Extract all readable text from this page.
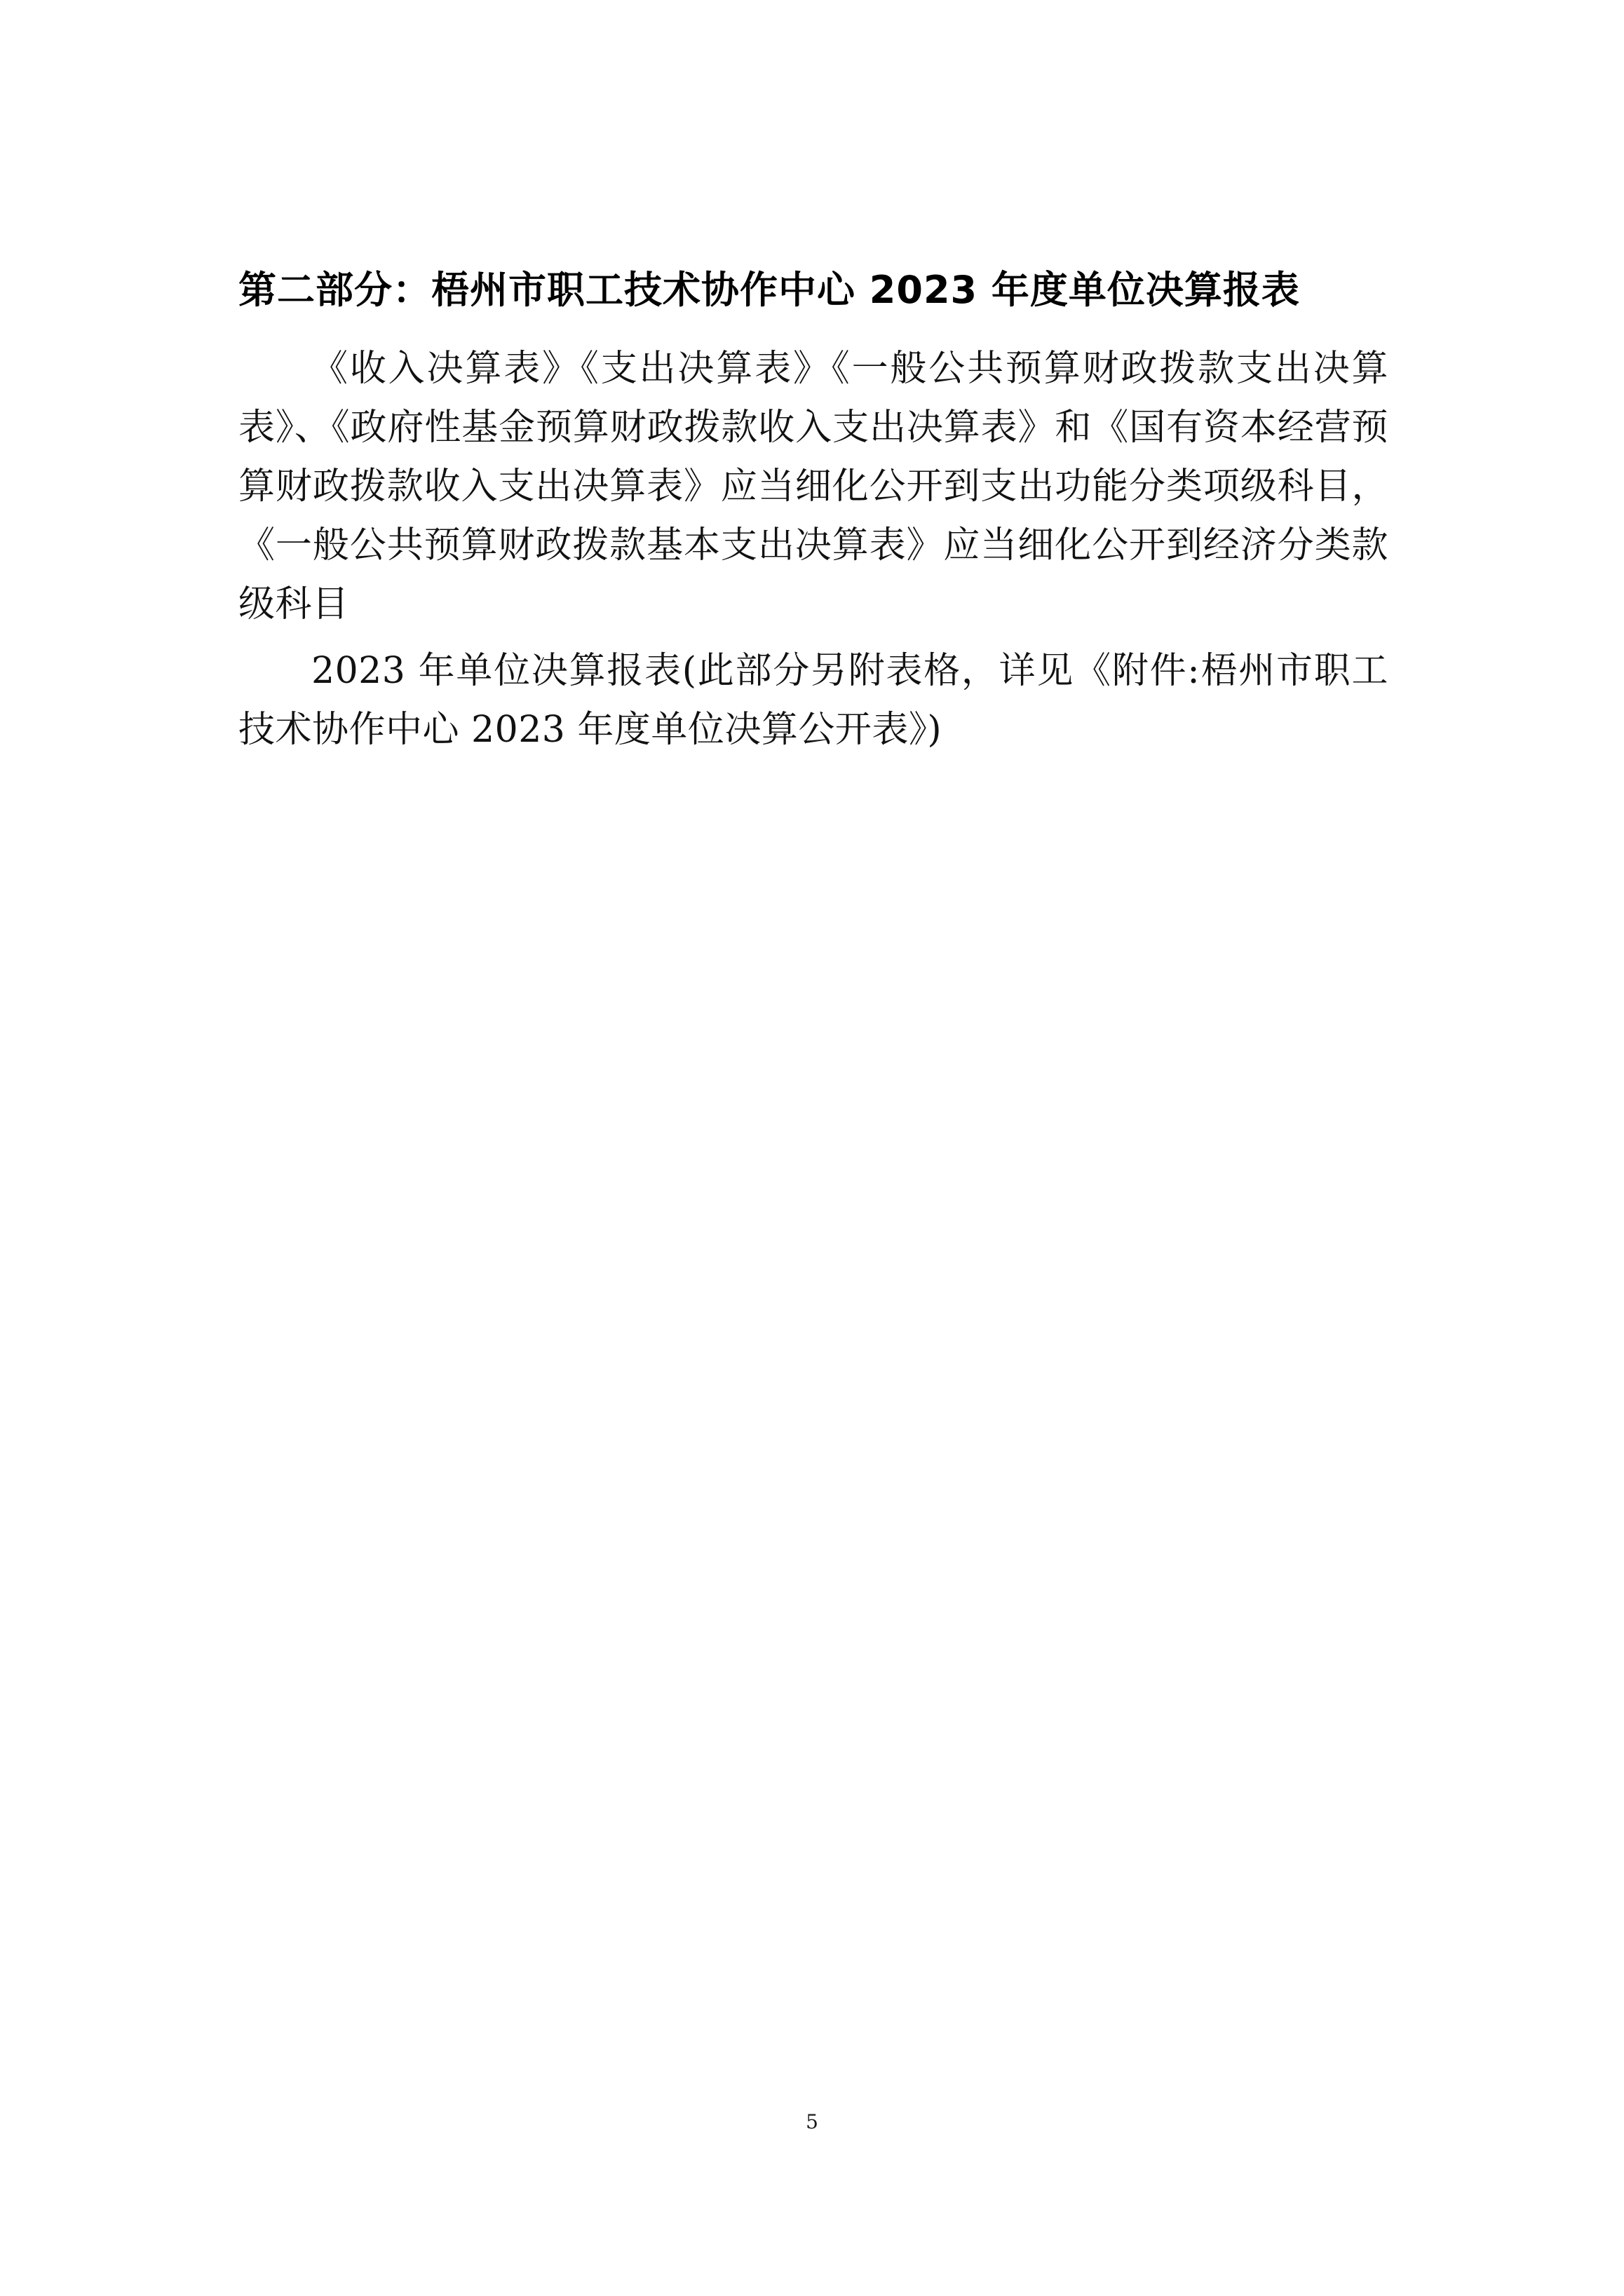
第二部分：梧州市职工技术协作中心 2023 年度单位决算报表

《收入决算表》《支出决算表》《一般公共预算财政拨款支出决算表》、《政府性基金预算财政拨款收入支出决算表》和《国有资本经营预算财政拨款收入支出决算表》应当细化公开到支出功能分类项级科目，《一般公共预算财政拨款基本支出决算表》应当细化公开到经济分类款级科目

2023 年单位决算报表(此部分另附表格，详见《附件:梧州市职工技术协作中心 2023 年度单位决算公开表》)

5
